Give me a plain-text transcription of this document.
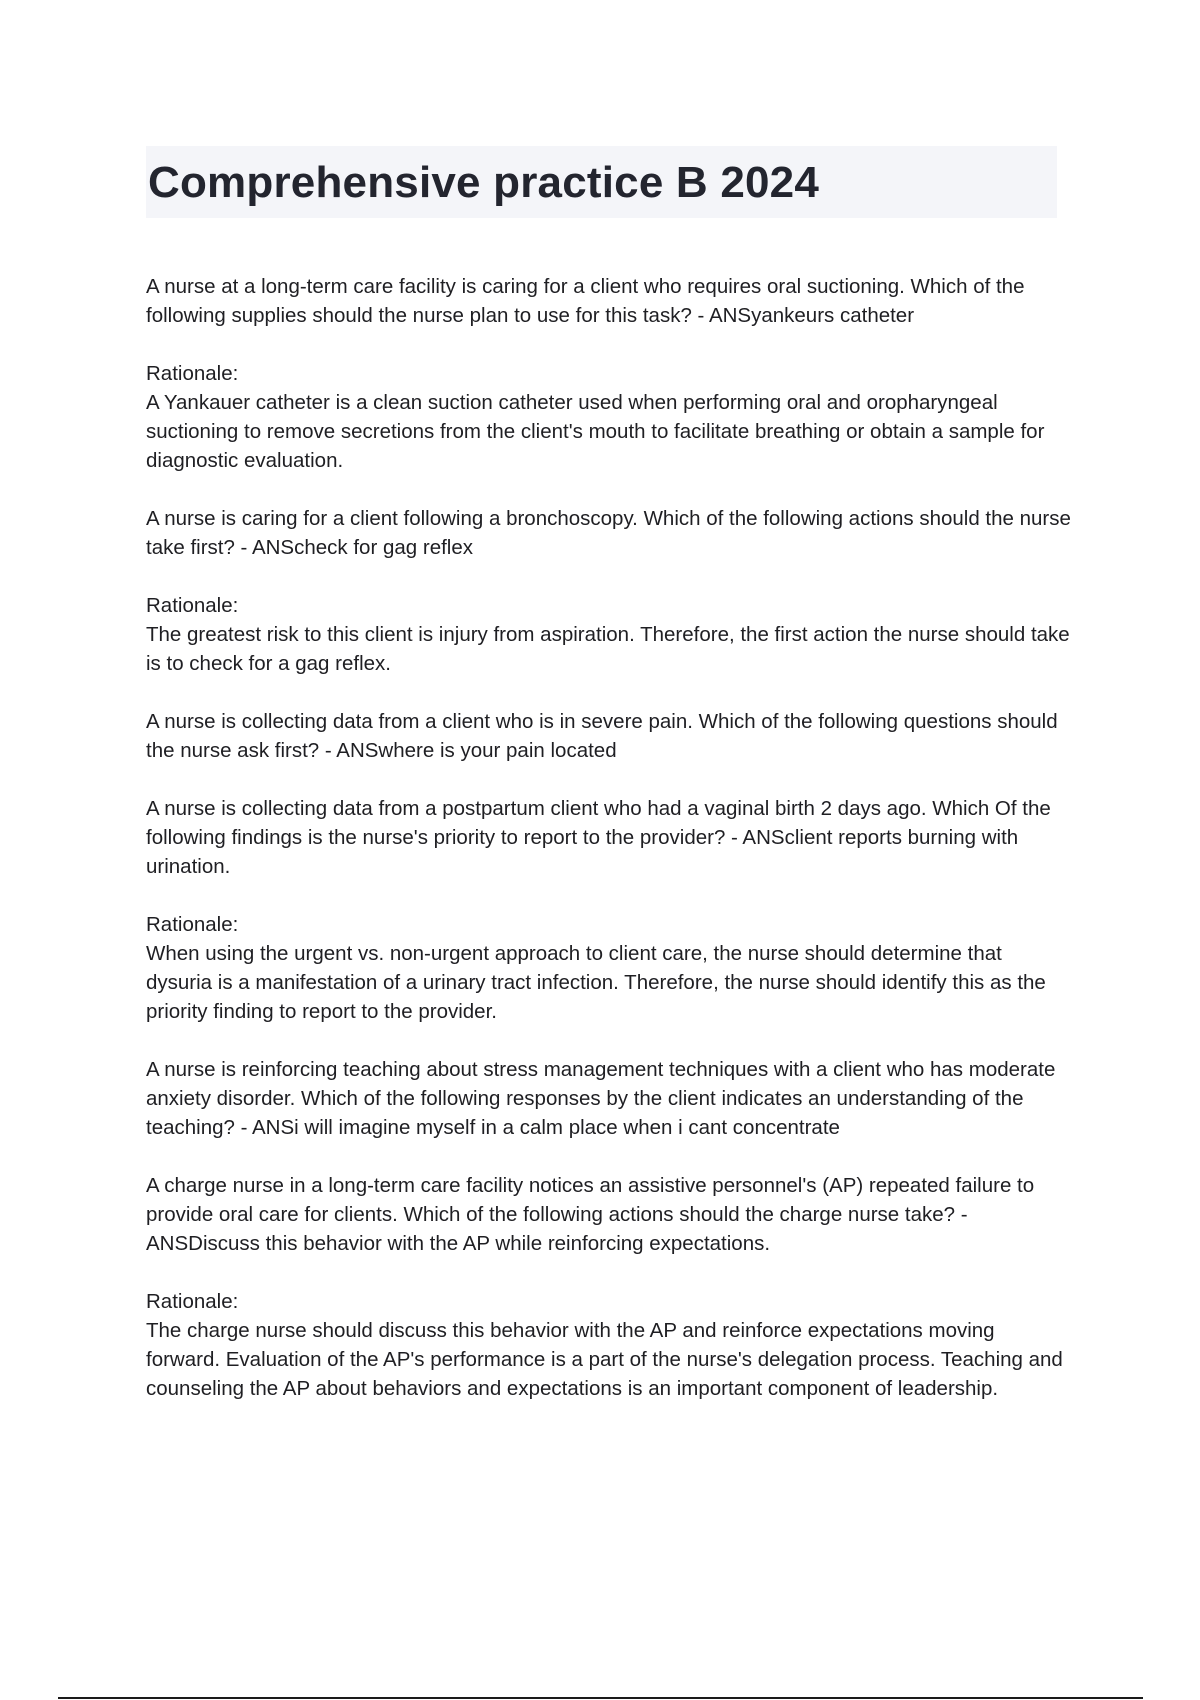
Comprehensive practice B 2024

A nurse at a long-term care facility is caring for a client who requires oral suctioning. Which of the following supplies should the nurse plan to use for this task? - ANSyankeurs catheter

Rationale:

A Yankauer catheter is a clean suction catheter used when performing oral and oropharyngeal suctioning to remove secretions from the client's mouth to facilitate breathing or obtain a sample for diagnostic evaluation.

A nurse is caring for a client following a bronchoscopy. Which of the following actions should the nurse take first? - ANScheck for gag reflex

Rationale:

The greatest risk to this client is injury from aspiration. Therefore, the first action the nurse should take is to check for a gag reflex.

A nurse is collecting data from a client who is in severe pain. Which of the following questions should the nurse ask first? - ANSwhere is your pain located

A nurse is collecting data from a postpartum client who had a vaginal birth 2 days ago. Which Of the following findings is the nurse's priority to report to the provider? - ANSclient reports burning with urination.

Rationale:

When using the urgent vs. non-urgent approach to client care, the nurse should determine that dysuria is a manifestation of a urinary tract infection. Therefore, the nurse should identify this as the priority finding to report to the provider.

A nurse is reinforcing teaching about stress management techniques with a client who has moderate anxiety disorder. Which of the following responses by the client indicates an understanding of the teaching? - ANSi will imagine myself in a calm place when i cant concentrate

A charge nurse in a long-term care facility notices an assistive personnel's (AP) repeated failure to provide oral care for clients. Which of the following actions should the charge nurse take? - ANSDiscuss this behavior with the AP while reinforcing expectations.

Rationale:

The charge nurse should discuss this behavior with the AP and reinforce expectations moving forward. Evaluation of the AP's performance is a part of the nurse's delegation process. Teaching and counseling the AP about behaviors and expectations is an important component of leadership.
